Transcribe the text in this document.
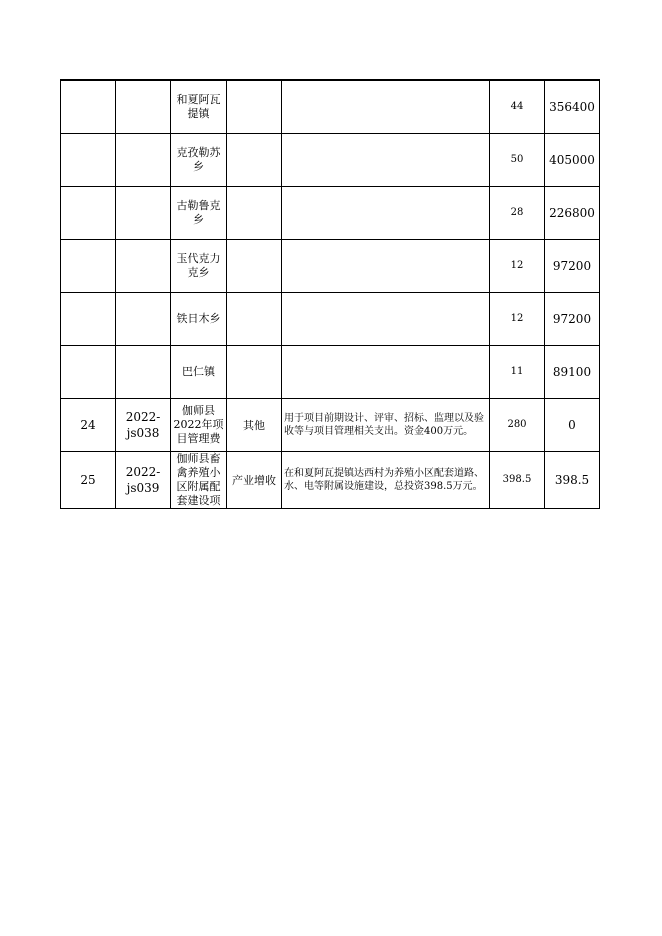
		和夏阿瓦提镇			44	356400
		克孜勒苏乡			50	405000
		古勒鲁克乡			28	226800
		玉代克力克乡			12	97200
		铁日木乡			12	97200
		巴仁镇			11	89100
24	2022-js038	伽师县2022年项目管理费	其他	用于项目前期设计、评审、招标、监理以及验收等与项目管理相关支出。资金400万元。	280	0
25	2022-js039	伽师县畜禽养殖小区附属配套建设项	产业增收	在和夏阿瓦提镇达西村为养殖小区配套道路、水、电等附属设施建设，总投资398.5万元。	398.5	398.5
